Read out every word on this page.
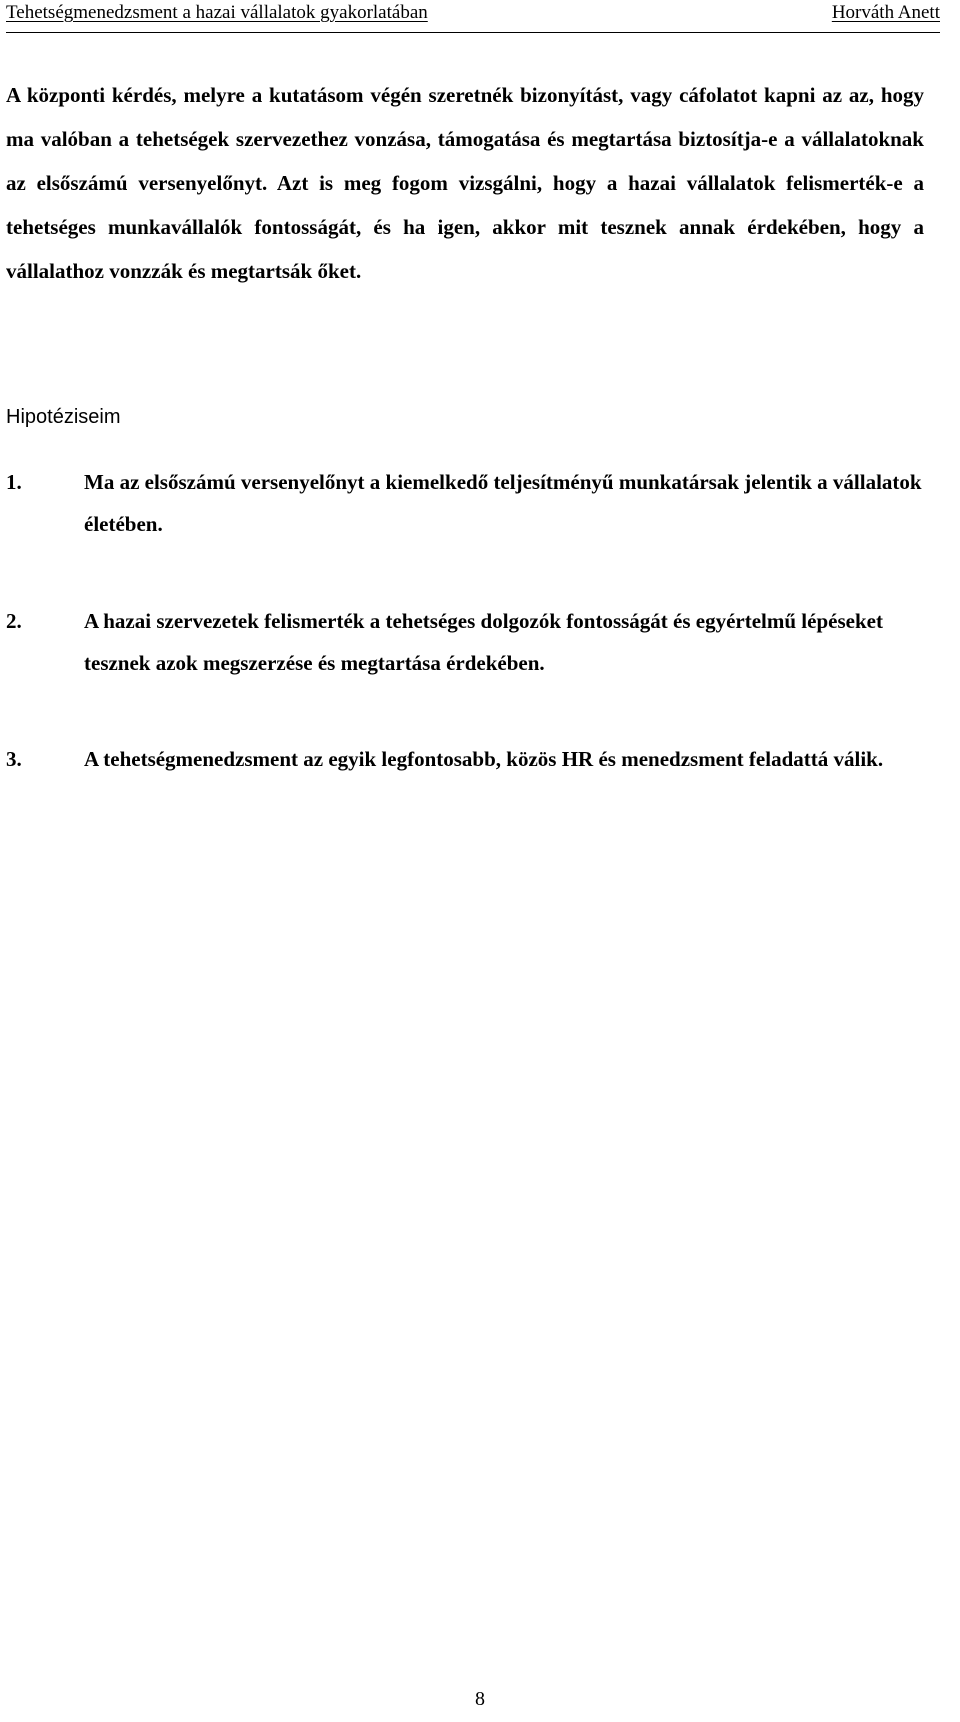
Tehetségmenedzsment a hazai vállalatok gyakorlatában	Horváth Anett

A központi kérdés, melyre a kutatásom végén szeretnék bizonyítást, vagy cáfolatot kapni az az, hogy ma valóban a tehetségek szervezethez vonzása, támogatása és megtartása biztosítja-e a vállalatoknak az elsőszámú versenyelőnyt. Azt is meg fogom vizsgálni, hogy a hazai vállalatok felismerték-e a tehetséges munkavállalók fontosságát, és ha igen, akkor mit tesznek annak érdekében, hogy a vállalathoz vonzzák és megtartsák őket.

Hipotéziseim
1.	Ma az elsőszámú versenyelőnyt a kiemelkedő teljesítményű munkatársak jelentik a vállalatok életében.
2.	A hazai szervezetek felismerték a tehetséges dolgozók fontosságát és egyértelmű lépéseket tesznek azok megszerzése és megtartása érdekében.
3.	A tehetségmenedzsment az egyik legfontosabb, közös HR és menedzsment feladattá válik.
8
